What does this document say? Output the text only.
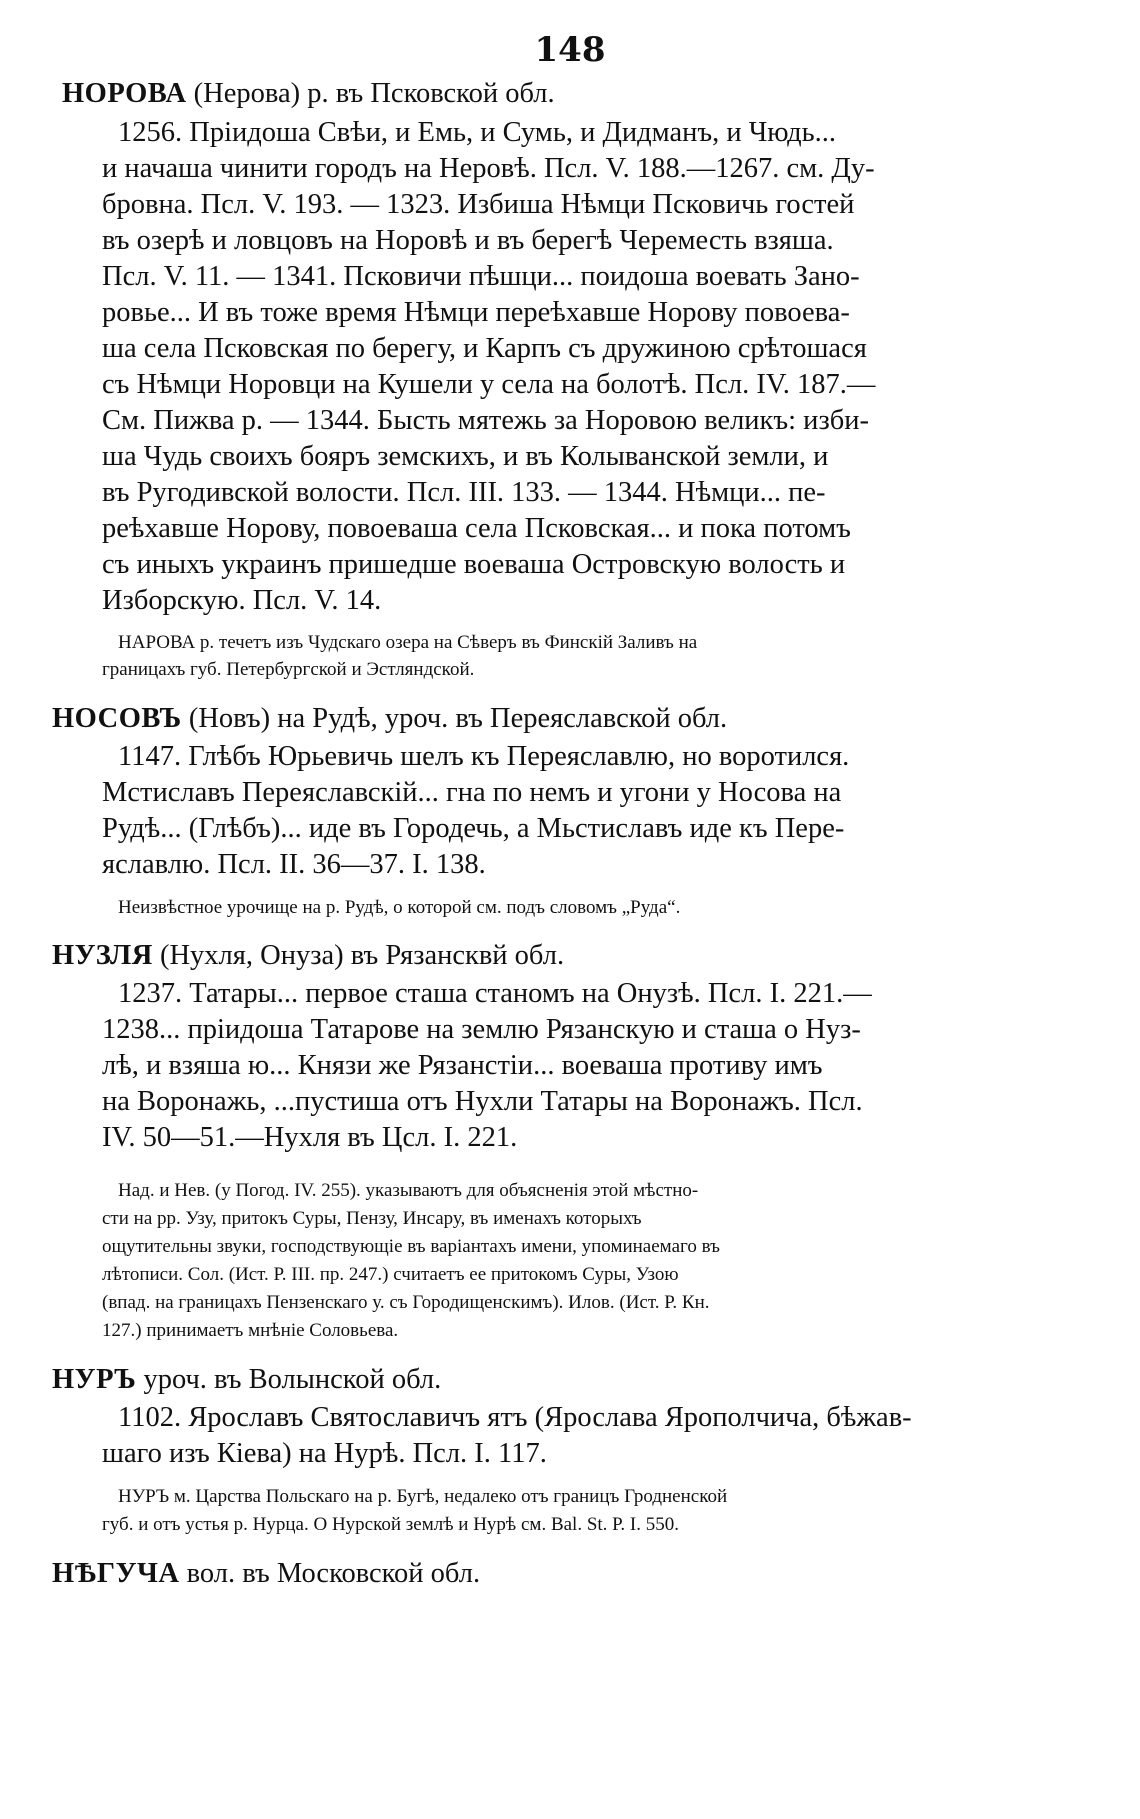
148
НОРОВА (Нерова) р. въ Псковской обл.
1256. Прiидоша Свѣи, и Емь, и Сумь, и Дидманъ, и Чюдь...
и начаша чинити городъ на Неровѣ. Псл. V. 188.—1267. см. Ду-
бровна. Псл. V. 193. — 1323. Избиша Нѣмци Псковичь гостей
въ озерѣ и ловцовъ на Норовѣ и въ берегѣ Череместь взяша.
Псл. V. 11. — 1341. Псковичи пѣшци... поидоша воевать Зано-
ровье... И въ тоже время Нѣмци переѣхавше Норову повоева-
ша села Псковская по берегу, и Карпъ съ дружиною срѣтошася
съ Нѣмци Норовци на Кушели у села на болотѣ. Псл. IV. 187.—
См. Пижва р. — 1344. Бысть мятежь за Норовою великъ: изби-
ша Чудь своихъ бояръ земскихъ, и въ Колыванской земли, и
въ Ругодивской волости. Псл. III. 133. — 1344. Нѣмци... пе-
реѣхавше Норову, повоеваша села Псковская... и пока потомъ
съ иныхъ украинъ пришедше воеваша Островскую волость и
Изборскую. Псл. V. 14.
НАРОВА р. течетъ изъ Чудскаго озера на Сѣверъ въ Финскiй Заливъ на
границахъ губ. Петербургской и Эстляндской.
НОСОВЪ (Новъ) на Рудѣ, уроч. въ Переяславской обл.
1147. Глѣбъ Юрьевичь шелъ къ Переяславлю, но воротился.
Мстиславъ Переяславскiй... гна по немъ и угони у Носова на
Рудѣ... (Глѣбъ)... иде въ Городечь, а Мьстиславъ иде къ Пере-
яславлю. Псл. II. 36—37. I. 138.
Неизвѣстное урочище на р. Рудѣ, о которой см. подъ словомъ „Руда“.
НУЗЛЯ (Нухля, Онуза) въ Рязансквй обл.
1237. Татары... первое сташа станомъ на Онузѣ. Псл. I. 221.—
1238... прiидоша Татарове на землю Рязанскую и сташа о Нуз-
лѣ, и взяша ю... Князи же Рязанстiи... воеваша противу имъ
на Воронажь, ...пустиша отъ Нухли Татары на Воронажъ. Псл.
IV. 50—51.—Нухля въ Цсл. I. 221.
Над. и Нев. (у Погод. IV. 255). указываютъ для объясненiя этой мѣстно-
сти на рр. Узу, притокъ Суры, Пензу, Инсару, въ именахъ которыхъ
ощутительны звуки, господствующiе въ варiантахъ имени, упоминаемаго въ
лѣтописи. Сол. (Ист. Р. III. пр. 247.) считаетъ ее притокомъ Суры, Узою
(впад. на границахъ Пензенскаго у. съ Городищенскимъ). Илов. (Ист. Р. Кн.
127.) принимаетъ мнѣнiе Соловьева.
НУРЪ уроч. въ Волынской обл.
1102. Ярославъ Святославичъ ятъ (Ярослава Ярополчича, бѣжав-
шаго изъ Кiева) на Нурѣ. Псл. I. 117.
НУРЪ м. Царства Польскаго на р. Бугѣ, недалеко отъ границъ Гродненской
губ. и отъ устья р. Нурца. О Нурской землѣ и Нурѣ см. Bal. St. Р. I. 550.
НѢГУЧА вол. въ Московской обл.
